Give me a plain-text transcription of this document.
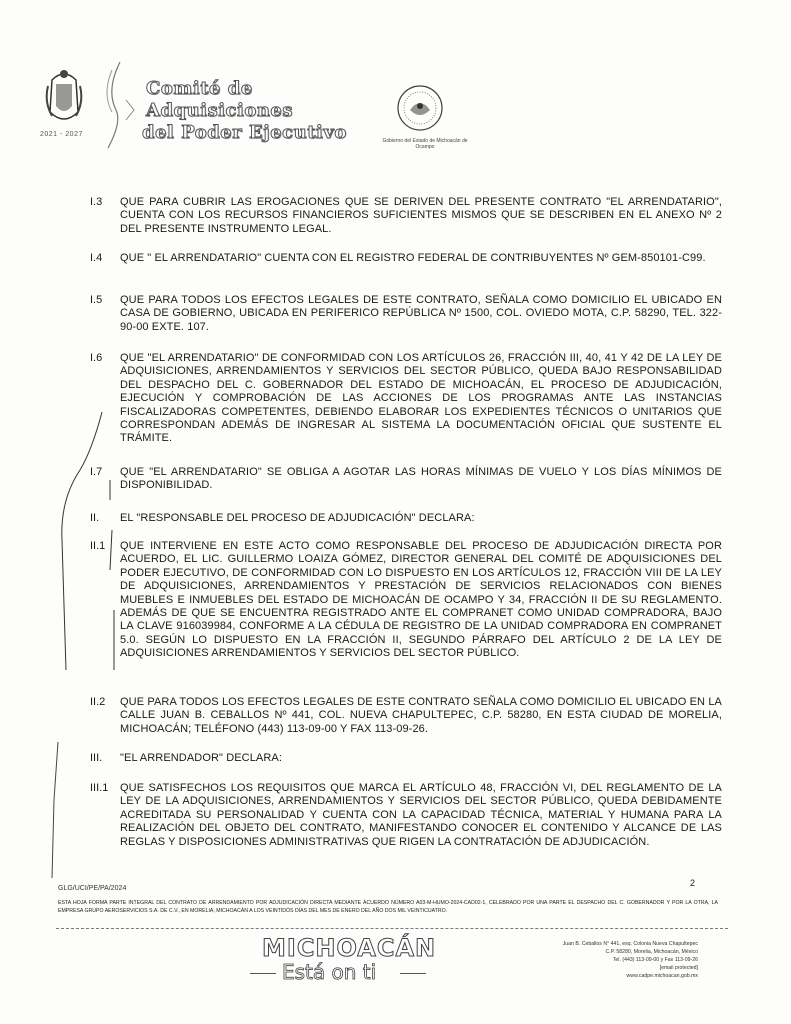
2021 - 2027
Comité de
Adquisiciones
del Poder Ejecutivo	Gobierno del Estado de Michoacán de Ocampo
I.3 QUE PARA CUBRIR LAS EROGACIONES QUE SE DERIVEN DEL PRESENTE CONTRATO "EL ARRENDATARIO", CUENTA CON LOS RECURSOS FINANCIEROS SUFICIENTES MISMOS QUE SE DESCRIBEN EN EL ANEXO Nº 2 DEL PRESENTE INSTRUMENTO LEGAL.
I.4 QUE " EL ARRENDATARIO" CUENTA CON EL REGISTRO FEDERAL DE CONTRIBUYENTES Nº GEM-850101-C99.
I.5 QUE PARA TODOS LOS EFECTOS LEGALES DE ESTE CONTRATO, SEÑALA COMO DOMICILIO EL UBICADO EN CASA DE GOBIERNO, UBICADA EN PERIFERICO REPÚBLICA Nº 1500, COL. OVIEDO MOTA, C.P. 58290, TEL. 322-90-00 EXTE. 107.
I.6 QUE "EL ARRENDATARIO" DE CONFORMIDAD CON LOS ARTÍCULOS 26, FRACCIÓN III, 40, 41 Y 42 DE LA LEY DE ADQUISICIONES, ARRENDAMIENTOS Y SERVICIOS DEL SECTOR PÚBLICO, QUEDA BAJO RESPONSABILIDAD DEL DESPACHO DEL C. GOBERNADOR DEL ESTADO DE MICHOACÁN, EL PROCESO DE ADJUDICACIÓN, EJECUCIÓN Y COMPROBACIÓN DE LAS ACCIONES DE LOS PROGRAMAS ANTE LAS INSTANCIAS FISCALIZADORAS COMPETENTES, DEBIENDO ELABORAR LOS EXPEDIENTES TÉCNICOS O UNITARIOS QUE CORRESPONDAN ADEMÁS DE INGRESAR AL SISTEMA LA DOCUMENTACIÓN OFICIAL QUE SUSTENTE EL TRÁMITE.
I.7 QUE "EL ARRENDATARIO" SE OBLIGA A AGOTAR LAS HORAS MÍNIMAS DE VUELO Y LOS DÍAS MÍNIMOS DE DISPONIBILIDAD.
II. EL "RESPONSABLE DEL PROCESO DE ADJUDICACIÓN" DECLARA:
II.1 QUE INTERVIENE EN ESTE ACTO COMO RESPONSABLE DEL PROCESO DE ADJUDICACIÓN DIRECTA POR ACUERDO, EL LIC. GUILLERMO LOAIZA GÓMEZ, DIRECTOR GENERAL DEL COMITÉ DE ADQUISICIONES DEL PODER EJECUTIVO, DE CONFORMIDAD CON LO DISPUESTO EN LOS ARTÍCULOS 12, FRACCIÓN VIII DE LA LEY DE ADQUISICIONES, ARRENDAMIENTOS Y PRESTACIÓN DE SERVICIOS RELACIONADOS CON BIENES MUEBLES E INMUEBLES DEL ESTADO DE MICHOACÁN DE OCAMPO Y 34, FRACCIÓN II DE SU REGLAMENTO. ADEMÁS DE QUE SE ENCUENTRA REGISTRADO ANTE EL COMPRANET COMO UNIDAD COMPRADORA, BAJO LA CLAVE 916039984, CONFORME A LA CÉDULA DE REGISTRO DE LA UNIDAD COMPRADORA EN COMPRANET 5.0. SEGÚN LO DISPUESTO EN LA FRACCIÓN II, SEGUNDO PÁRRAFO DEL ARTÍCULO 2 DE LA LEY DE ADQUISICIONES ARRENDAMIENTOS Y SERVICIOS DEL SECTOR PÚBLICO.
II.2 QUE PARA TODOS LOS EFECTOS LEGALES DE ESTE CONTRATO SEÑALA COMO DOMICILIO EL UBICADO EN LA CALLE JUAN B. CEBALLOS Nº 441, COL. NUEVA CHAPULTEPEC, C.P. 58280, EN ESTA CIUDAD DE MORELIA, MICHOACÁN; TELÉFONO (443) 113-09-00 Y FAX 113-09-26.
III. "EL ARRENDADOR" DECLARA:
III.1 QUE SATISFECHOS LOS REQUISITOS QUE MARCA EL ARTÍCULO 48, FRACCIÓN VI, DEL REGLAMENTO DE LA LEY DE LA ADQUISICIONES, ARRENDAMIENTOS Y SERVICIOS DEL SECTOR PÚBLICO, QUEDA DEBIDAMENTE ACREDITADA SU PERSONALIDAD Y CUENTA CON LA CAPACIDAD TÉCNICA, MATERIAL Y HUMANA PARA LA REALIZACIÓN DEL OBJETO DEL CONTRATO, MANIFESTANDO CONOCER EL CONTENIDO Y ALCANCE DE LAS REGLAS Y DISPOSICIONES ADMINISTRATIVAS QUE RIGEN LA CONTRATACIÓN DE ADJUDICACIÓN.
GLG/UCI/PE/PA/2024
2
ESTA HOJA FORMA PARTE INTEGRAL DEL CONTRATO DE ARRENDAMIENTO POR ADJUDICACIÓN DIRECTA MEDIANTE ACUERDO NÚMERO A03-M-HUMO-2024-CAD02-1, CELEBRADO POR UNA PARTE EL DESPACHO DEL C. GOBERNADOR Y POR LA OTRA, LA EMPRESA GRUPO AEROSERVICIOS S.A. DE C.V., EN MORELIA, MICHOACÁN A LOS VEINTIDÓS DÍAS DEL MES DE ENERO DEL AÑO DOS MIL VEINTICUATRO.
MICHOACÁN
Está on ti
Juan B. Ceballos N° 441, esq. Colonia Nueva Chapultepec
C.P. 58280, Morelia, Michoacán, México
Tel. (443) 113-09-00 y Fax 113-09-26
[email protected]
www.cadpe.michoacan.gob.mx
